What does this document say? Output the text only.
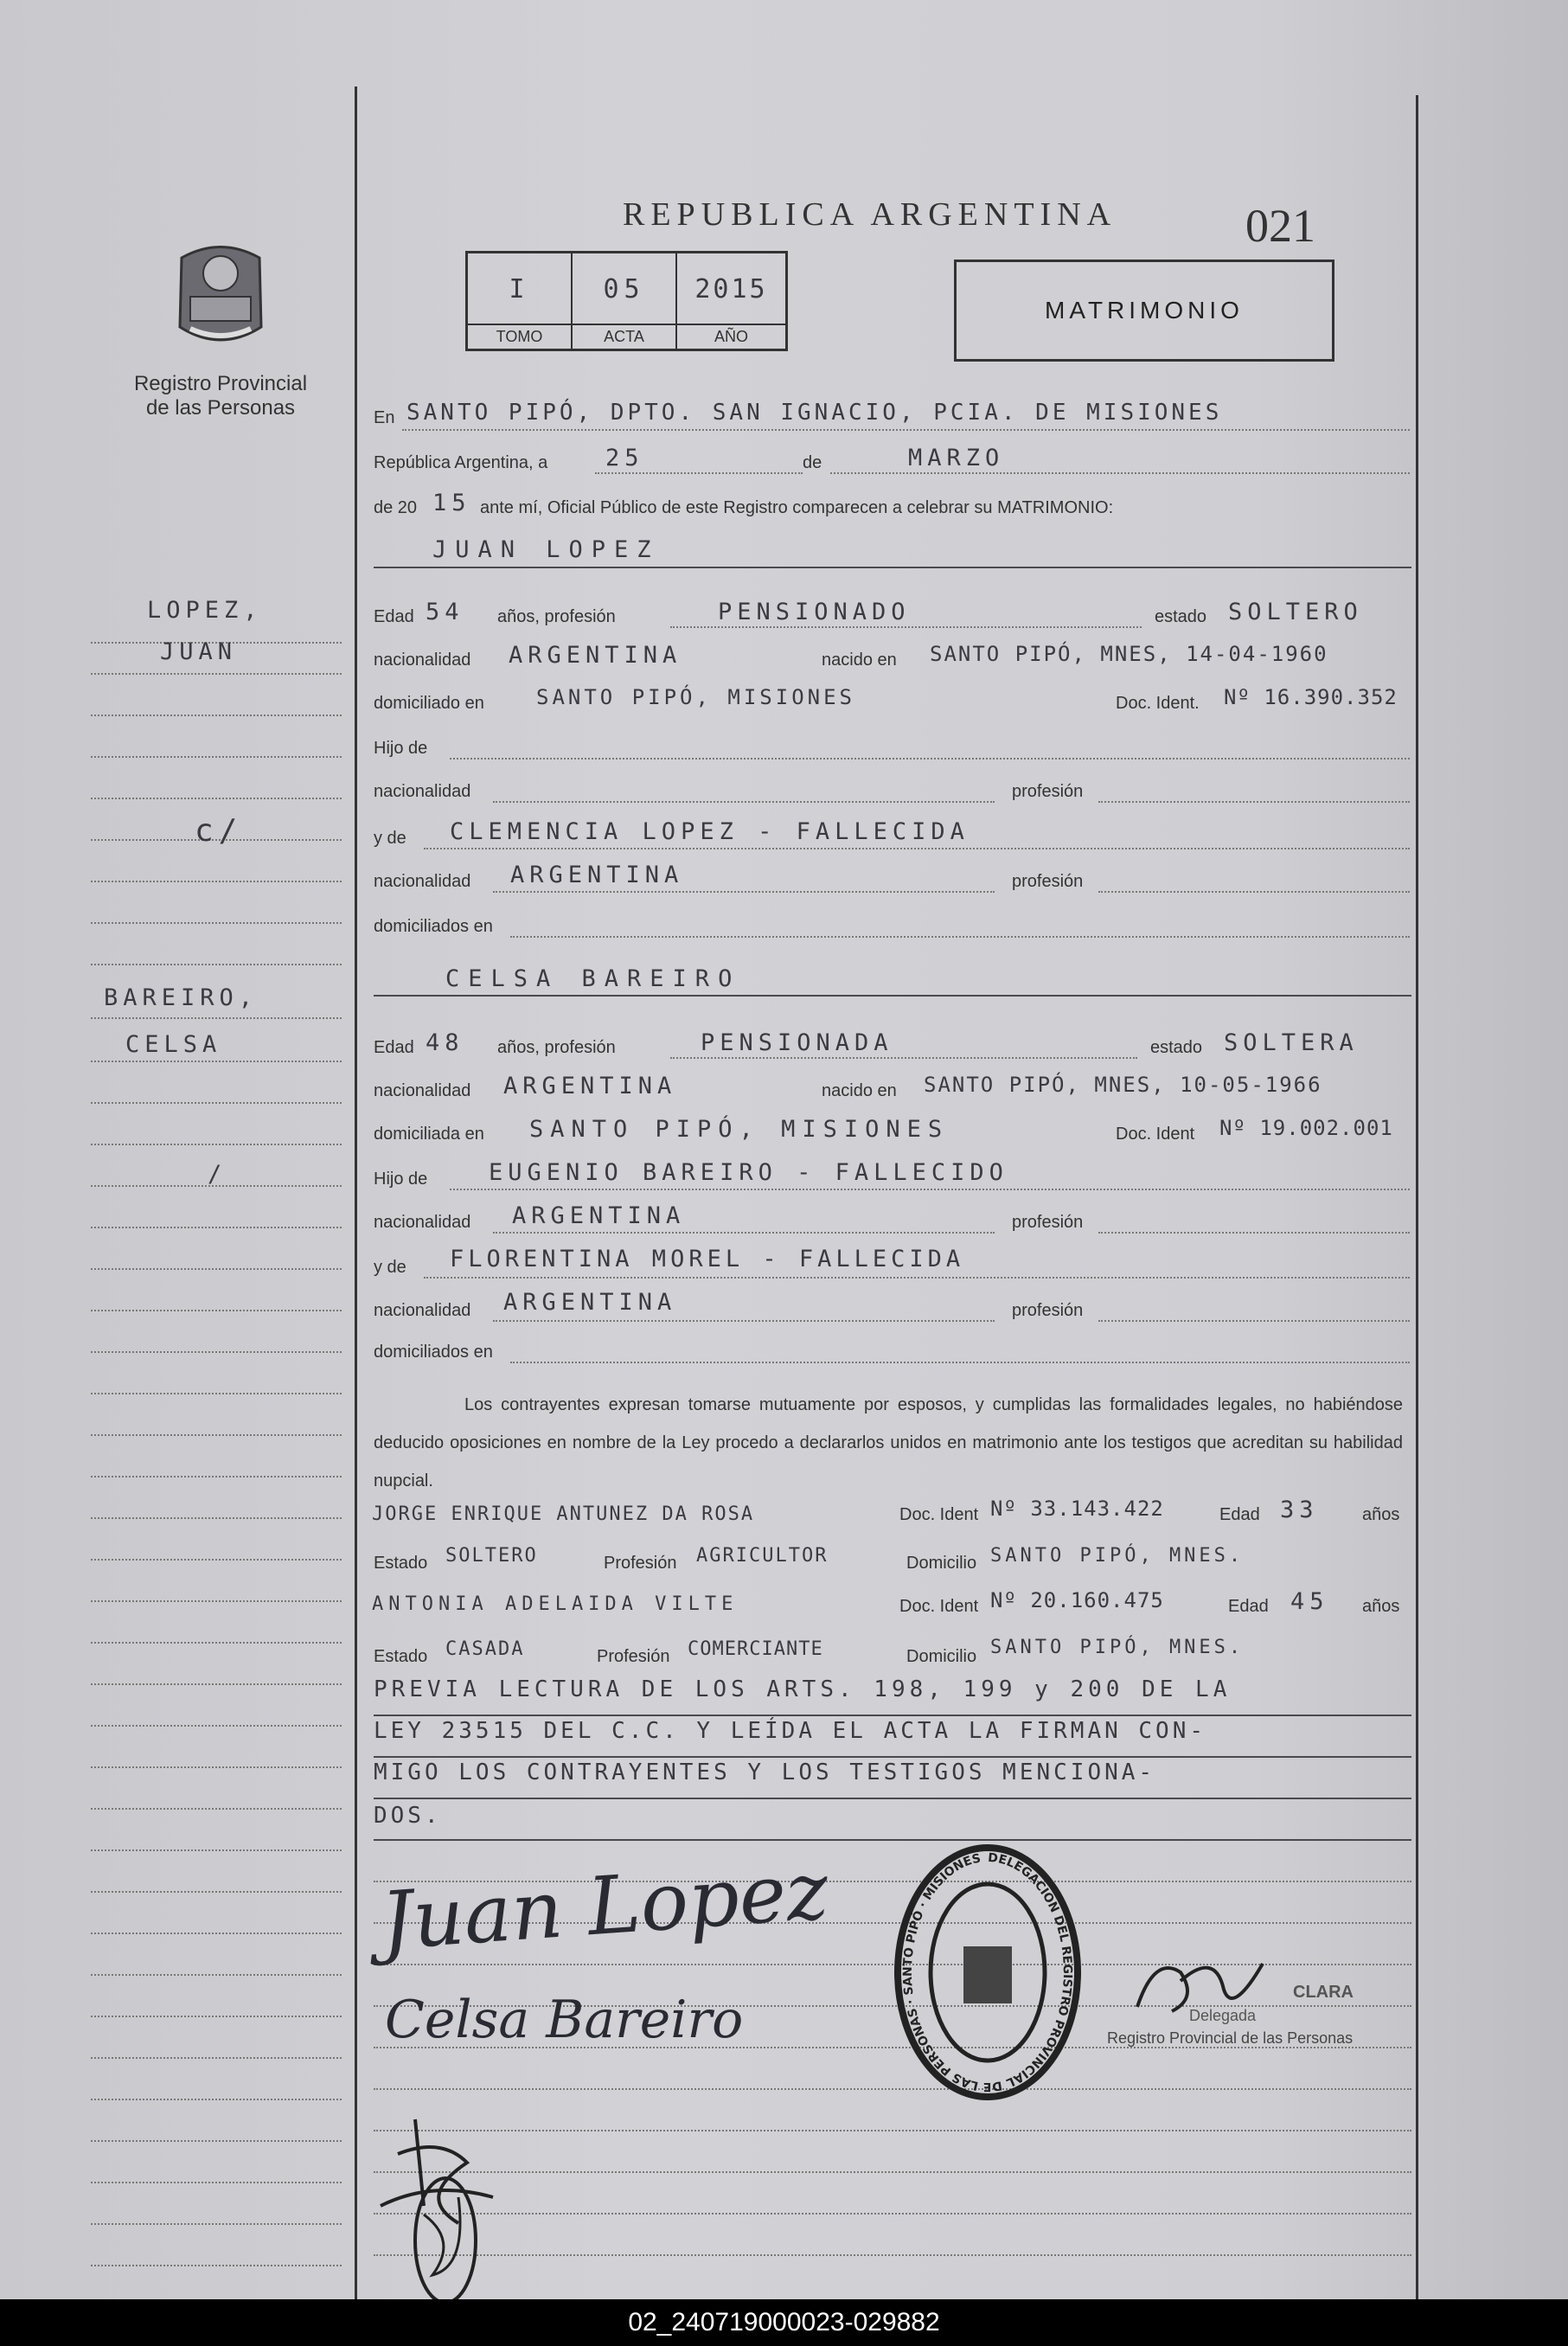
Registro Provincial
de las Personas
REPUBLICA ARGENTINA	021
I	05	2015
TOMO	ACTA	AÑO
MATRIMONIO
LOPEZ,
JUAN
c/
BAREIRO,
CELSA
/
En SANTO PIPÓ, DPTO. SAN IGNACIO, PCIA. DE MISIONES
República Argentina, a 25	de	MARZO
de 20 15 ante mí, Oficial Público de este Registro comparecen a celebrar su MATRIMONIO:
JUAN LOPEZ
Edad 54 años, profesión	PENSIONADO	estado SOLTERO
nacionalidad ARGENTINA	nacido en SANTO PIPÓ, MNES, 14-04-1960
domiciliado en	SANTO PIPÓ, MISIONES	Doc. Ident. Nº 16.390.352
Hijo de
nacionalidad	profesión
y de CLEMENCIA LOPEZ - FALLECIDA
nacionalidad ARGENTINA	profesión
domiciliados en
CELSA BAREIRO
Edad 48 años, profesión	PENSIONADA	estado SOLTERA
nacionalidad ARGENTINA	nacido en SANTO PIPÓ, MNES, 10-05-1966
domiciliada en SANTO PIPÓ, MISIONES	Doc. Ident Nº 19.002.001
Hijo de	EUGENIO BAREIRO - FALLECIDO
nacionalidad ARGENTINA	profesión
y de FLORENTINA MOREL - FALLECIDA
nacionalidad ARGENTINA	profesión
domiciliados en
Los contrayentes expresan tomarse mutuamente por esposos, y cumplidas las formalidades legales, no habiéndose deducido oposiciones en nombre de la Ley procedo a declararlos unidos en matrimonio ante los testigos que acreditan su habilidad nupcial.
JORGE ENRIQUE ANTUNEZ DA ROSA	Doc. Ident Nº 33.143.422	Edad 33	años
Estado SOLTERO	Profesión AGRICULTOR	Domicilio SANTO PIPÓ, MNES.
ANTONIA ADELAIDA VILTE	Doc. Ident Nº 20.160.475	Edad 45 años
Estado CASADA	Profesión COMERCIANTE	Domicilio SANTO PIPÓ, MNES.
PREVIA LECTURA DE LOS ARTS. 198, 199 y 200 DE LA
LEY 23515 DEL C.C. Y LEÍDA EL ACTA LA FIRMAN CON-
MIGO LOS CONTRAYENTES Y LOS TESTIGOS MENCIONA-
DOS.
Juan Lopez
Celsa Bareiro
DELEGACION DEL REGISTRO PROVINCIAL DE LAS PERSONAS · SANTO PIPÓ · MISIONES
CLARA
Delegada
Registro Provincial de las Personas
02_240719000023-029882
